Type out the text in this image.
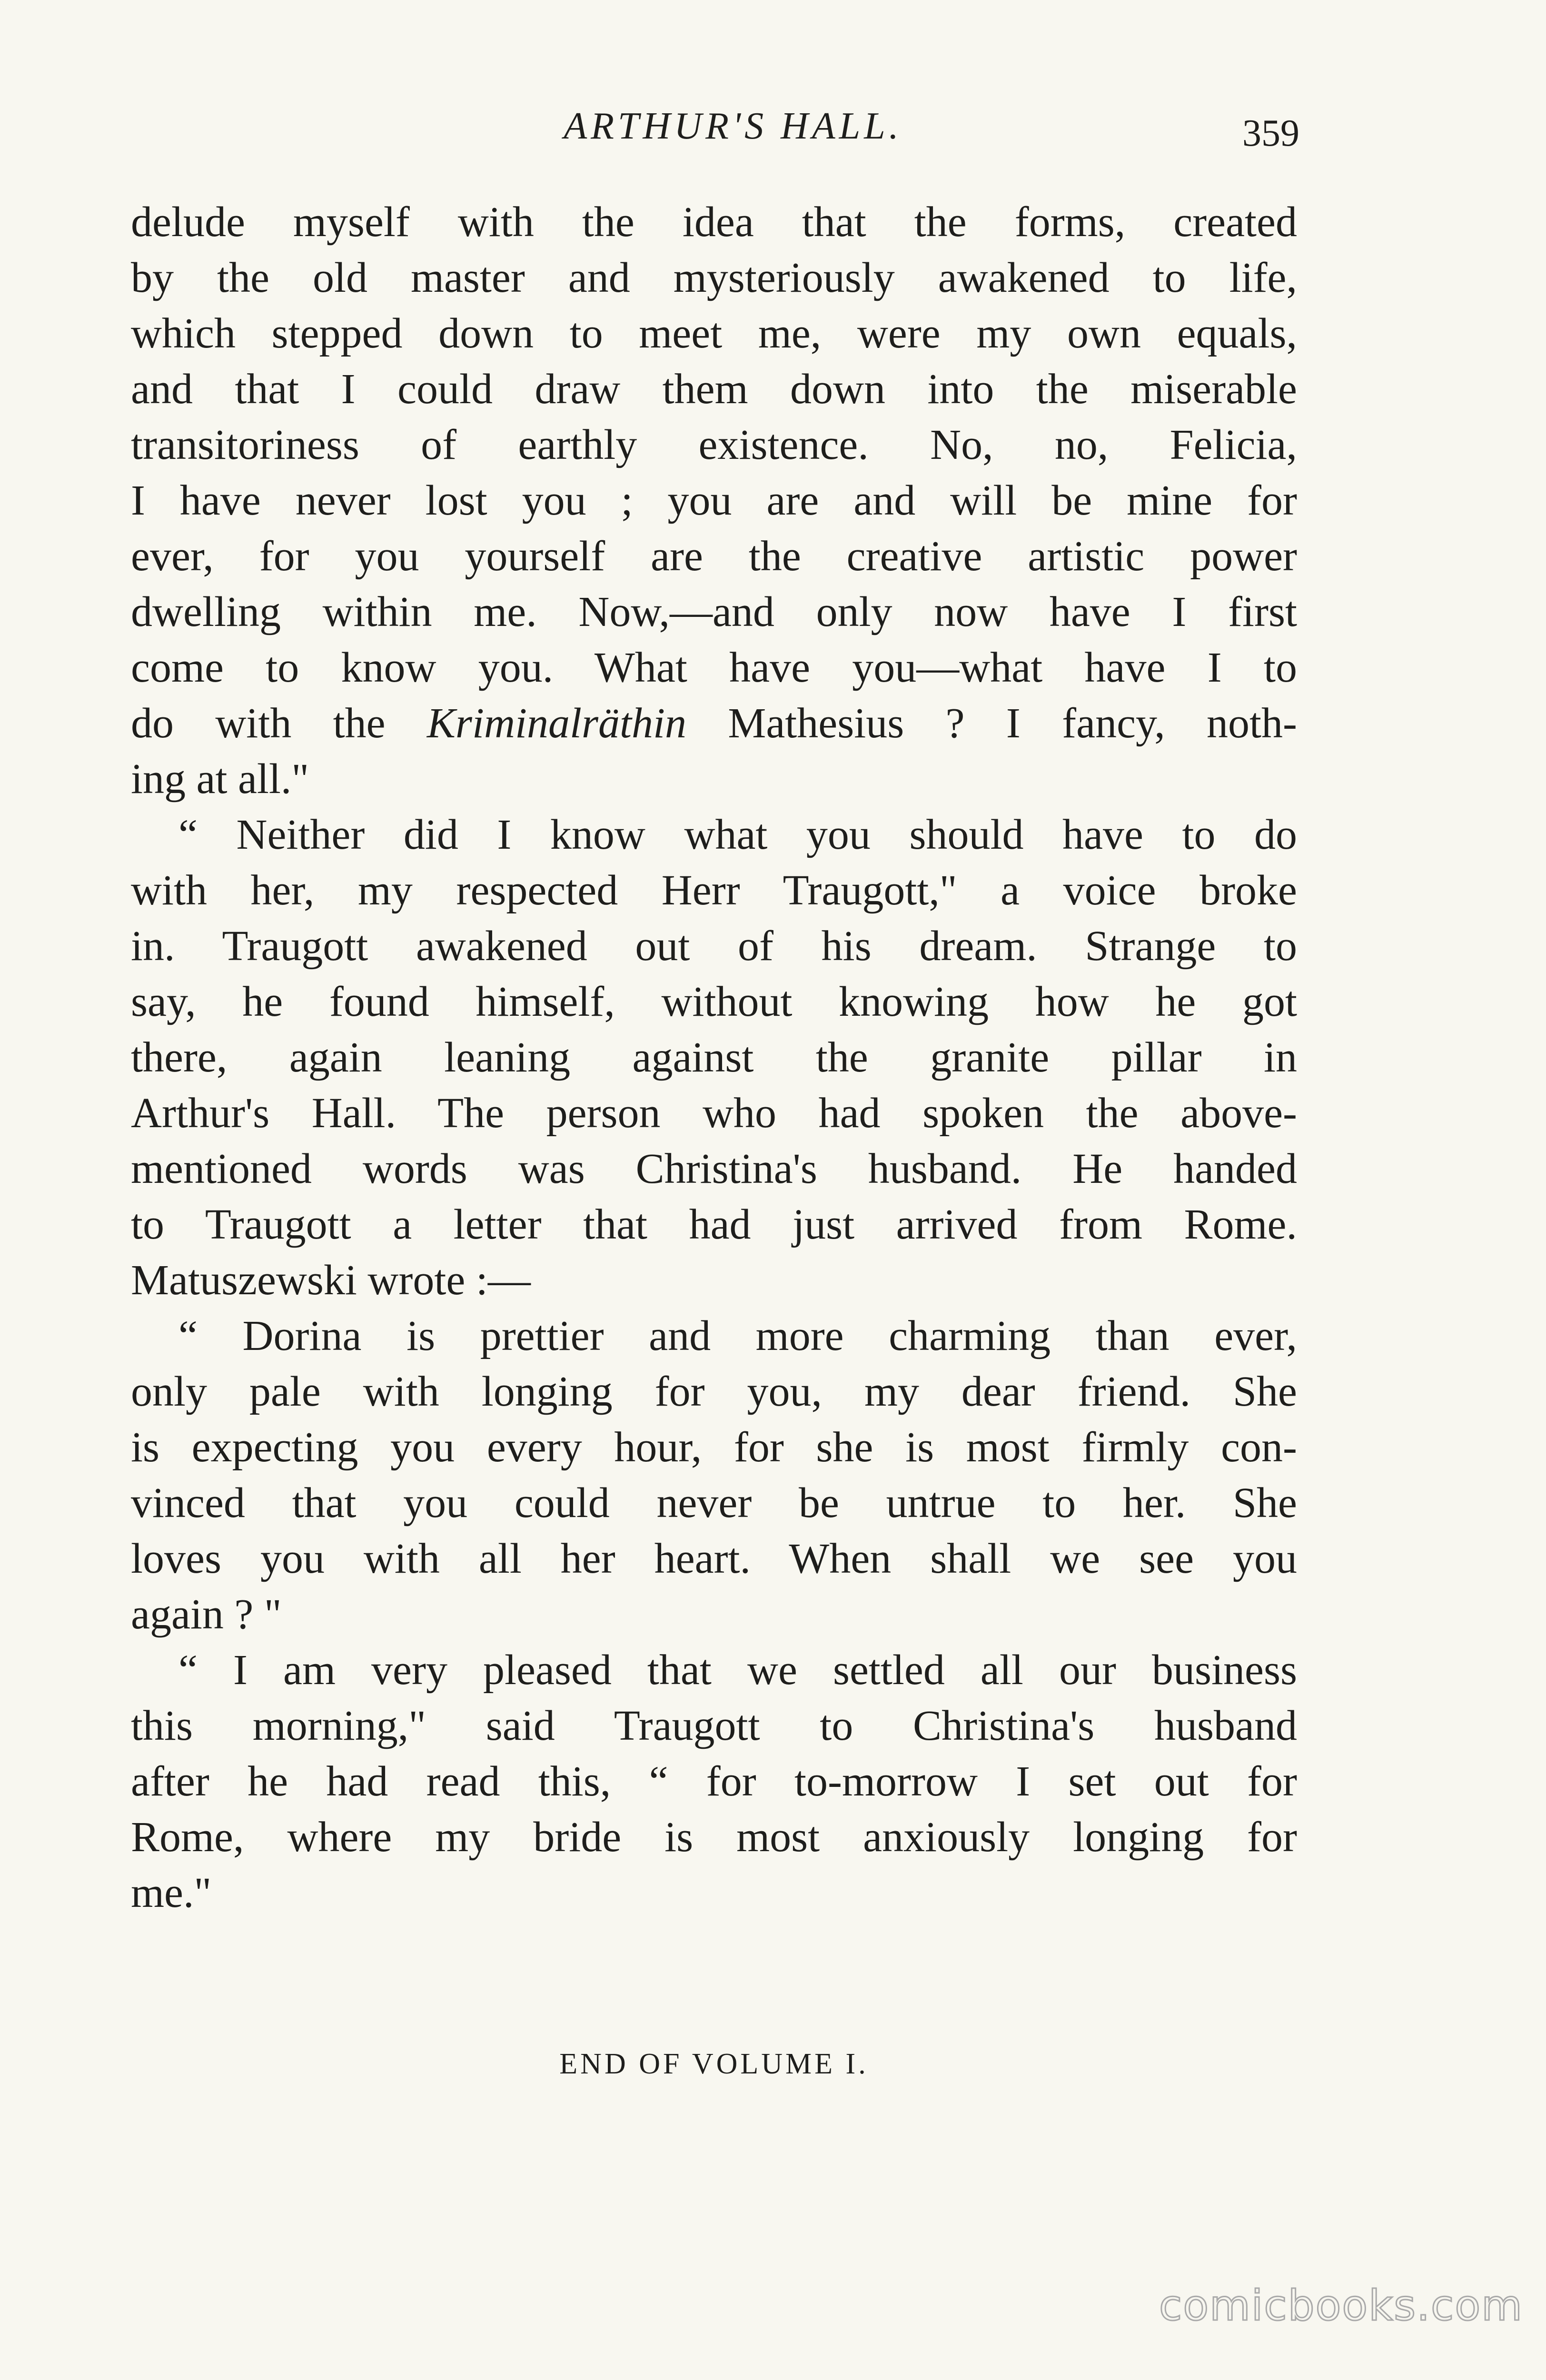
ARTHUR'S HALL.	359
delude myself with the idea that the forms, created
by the old master and mysteriously awakened to life,
which stepped down to meet me, were my own equals,
and that I could draw them down into the miserable
transitoriness of earthly existence. No, no, Felicia,
I have never lost you ; you are and will be mine for
ever, for you yourself are the creative artistic power
dwelling within me. Now,—and only now have I first
come to know you. What have you—what have I to
do with the Kriminalräthin Mathesius ? I fancy, noth-
ing at all."
“ Neither did I know what you should have to do
with her, my respected Herr Traugott," a voice broke
in. Traugott awakened out of his dream. Strange to
say, he found himself, without knowing how he got
there, again leaning against the granite pillar in
Arthur's Hall. The person who had spoken the above-
mentioned words was Christina's husband. He handed
to Traugott a letter that had just arrived from Rome.
Matuszewski wrote :—
“ Dorina is prettier and more charming than ever,
only pale with longing for you, my dear friend. She
is expecting you every hour, for she is most firmly con-
vinced that you could never be untrue to her. She
loves you with all her heart. When shall we see you
again ? "
“ I am very pleased that we settled all our business
this morning," said Traugott to Christina's husband
after he had read this, “ for to-morrow I set out for
Rome, where my bride is most anxiously longing for
me."
END OF VOLUME I.
comicbooks.com
